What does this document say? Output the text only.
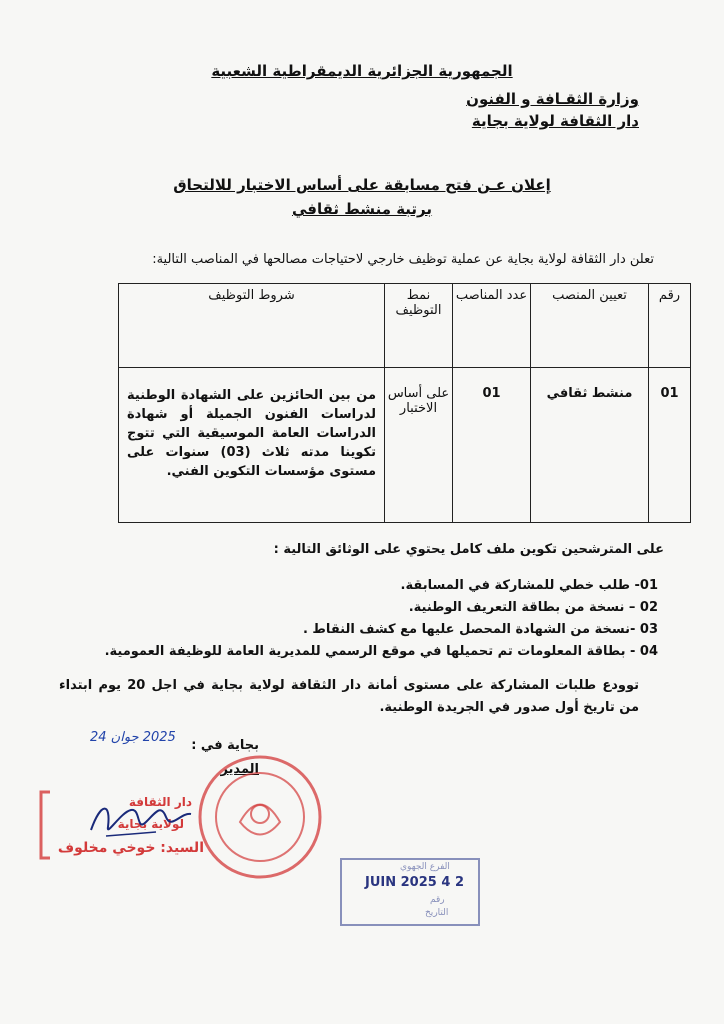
الجمهورية الجزائرية الديمقراطية الشعبية
وزارة الثقـافة و الفنون
دار الثقافة لولاية بجاية
إعلان عـن فتح مسابقة على أساس الاختبار للالتحاق
برتبة منشط ثقافي
تعلن دار الثقافة لولاية بجاية عن عملية توظيف خارجي لاحتياجات مصالحها في المناصب التالية:
رقم	تعيين المنصب	عدد المناصب	نمط التوظيف	شروط التوظيف
01	منشط ثقافي	01	على أساس الاختبار	من بين الحائزين على الشهادة الوطنية لدراسات الفنون الجميلة أو شهادة الدراسات العامة الموسيقية التي تتوج تكوينا مدته ثلاث (03) سنوات على مستوى مؤسسات التكوين الفني.
على المترشحين تكوين ملف كامل يحتوي على الوثائق التالية :
01- طلب خطي للمشاركة في المسابقة.
02 – نسخة من بطاقة التعريف الوطنية.
03 -نسخة من الشهادة المحصل عليها مع كشف النقاط .
04 - بطاقة المعلومات تم تحميلها في موقع الرسمي للمديرية العامة للوظيفة العمومية.
توودع طلبات المشاركة على مستوى أمانة دار الثقافة لولاية بجاية في اجل 20 يوم ابتداء من تاريخ أول صدور في الجريدة الوطنية.
بجاية في :
المدير
2025 جوان 24
دار الثقافة
لولاية بجاية
السيد: خوخي مخلوف
الفرع الجهوي
2 4 JUIN 2025
رقم
التاريخ
